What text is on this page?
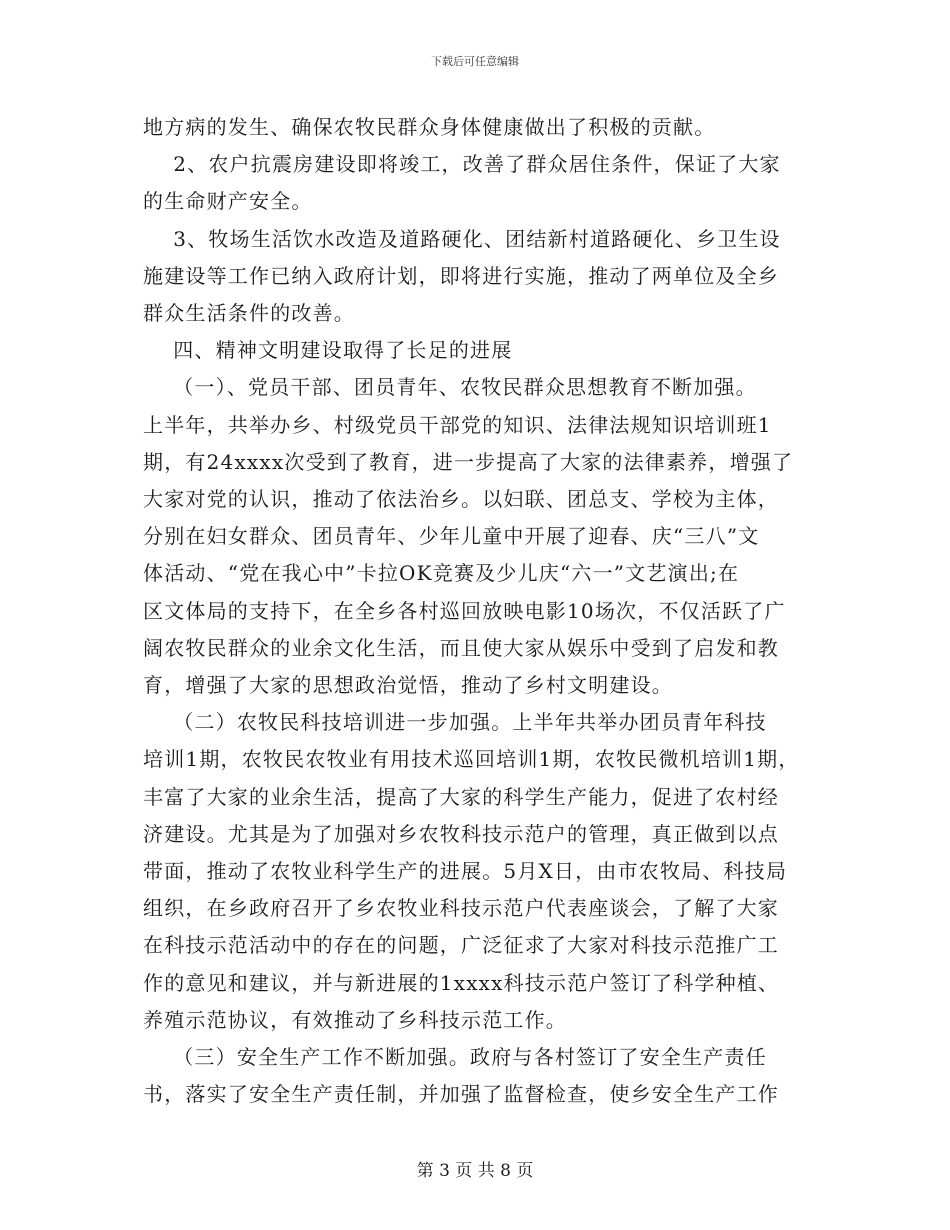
下载后可任意编辑
地方病的发生、确保农牧民群众身体健康做出了积极的贡献。
2、农户抗震房建设即将竣工，改善了群众居住条件，保证了大家
的生命财产安全。
3、牧场生活饮水改造及道路硬化、团结新村道路硬化、乡卫生设
施建设等工作已纳入政府计划，即将进行实施，推动了两单位及全乡
群众生活条件的改善。
四、精神文明建设取得了长足的进展
（一）、党员干部、团员青年、农牧民群众思想教育不断加强。
上半年，共举办乡、村级党员干部党的知识、法律法规知识培训班1
期，有24xxxx次受到了教育，进一步提高了大家的法律素养，增强了
大家对党的认识，推动了依法治乡。以妇联、团总支、学校为主体，
分别在妇女群众、团员青年、少年儿童中开展了迎春、庆“三八”文
体活动、“党在我心中”卡拉OK竞赛及少儿庆“六一”文艺演出;在
区文体局的支持下，在全乡各村巡回放映电影10场次，不仅活跃了广
阔农牧民群众的业余文化生活，而且使大家从娱乐中受到了启发和教
育，增强了大家的思想政治觉悟，推动了乡村文明建设。
（二）农牧民科技培训进一步加强。上半年共举办团员青年科技
培训1期，农牧民农牧业有用技术巡回培训1期，农牧民微机培训1期，
丰富了大家的业余生活，提高了大家的科学生产能力，促进了农村经
济建设。尤其是为了加强对乡农牧科技示范户的管理，真正做到以点
带面，推动了农牧业科学生产的进展。5月X日，由市农牧局、科技局
组织，在乡政府召开了乡农牧业科技示范户代表座谈会，了解了大家
在科技示范活动中的存在的问题，广泛征求了大家对科技示范推广工
作的意见和建议，并与新进展的1xxxx科技示范户签订了科学种植、
养殖示范协议，有效推动了乡科技示范工作。
（三）安全生产工作不断加强。政府与各村签订了安全生产责任
书，落实了安全生产责任制，并加强了监督检查，使乡安全生产工作
第 3 页 共 8 页
